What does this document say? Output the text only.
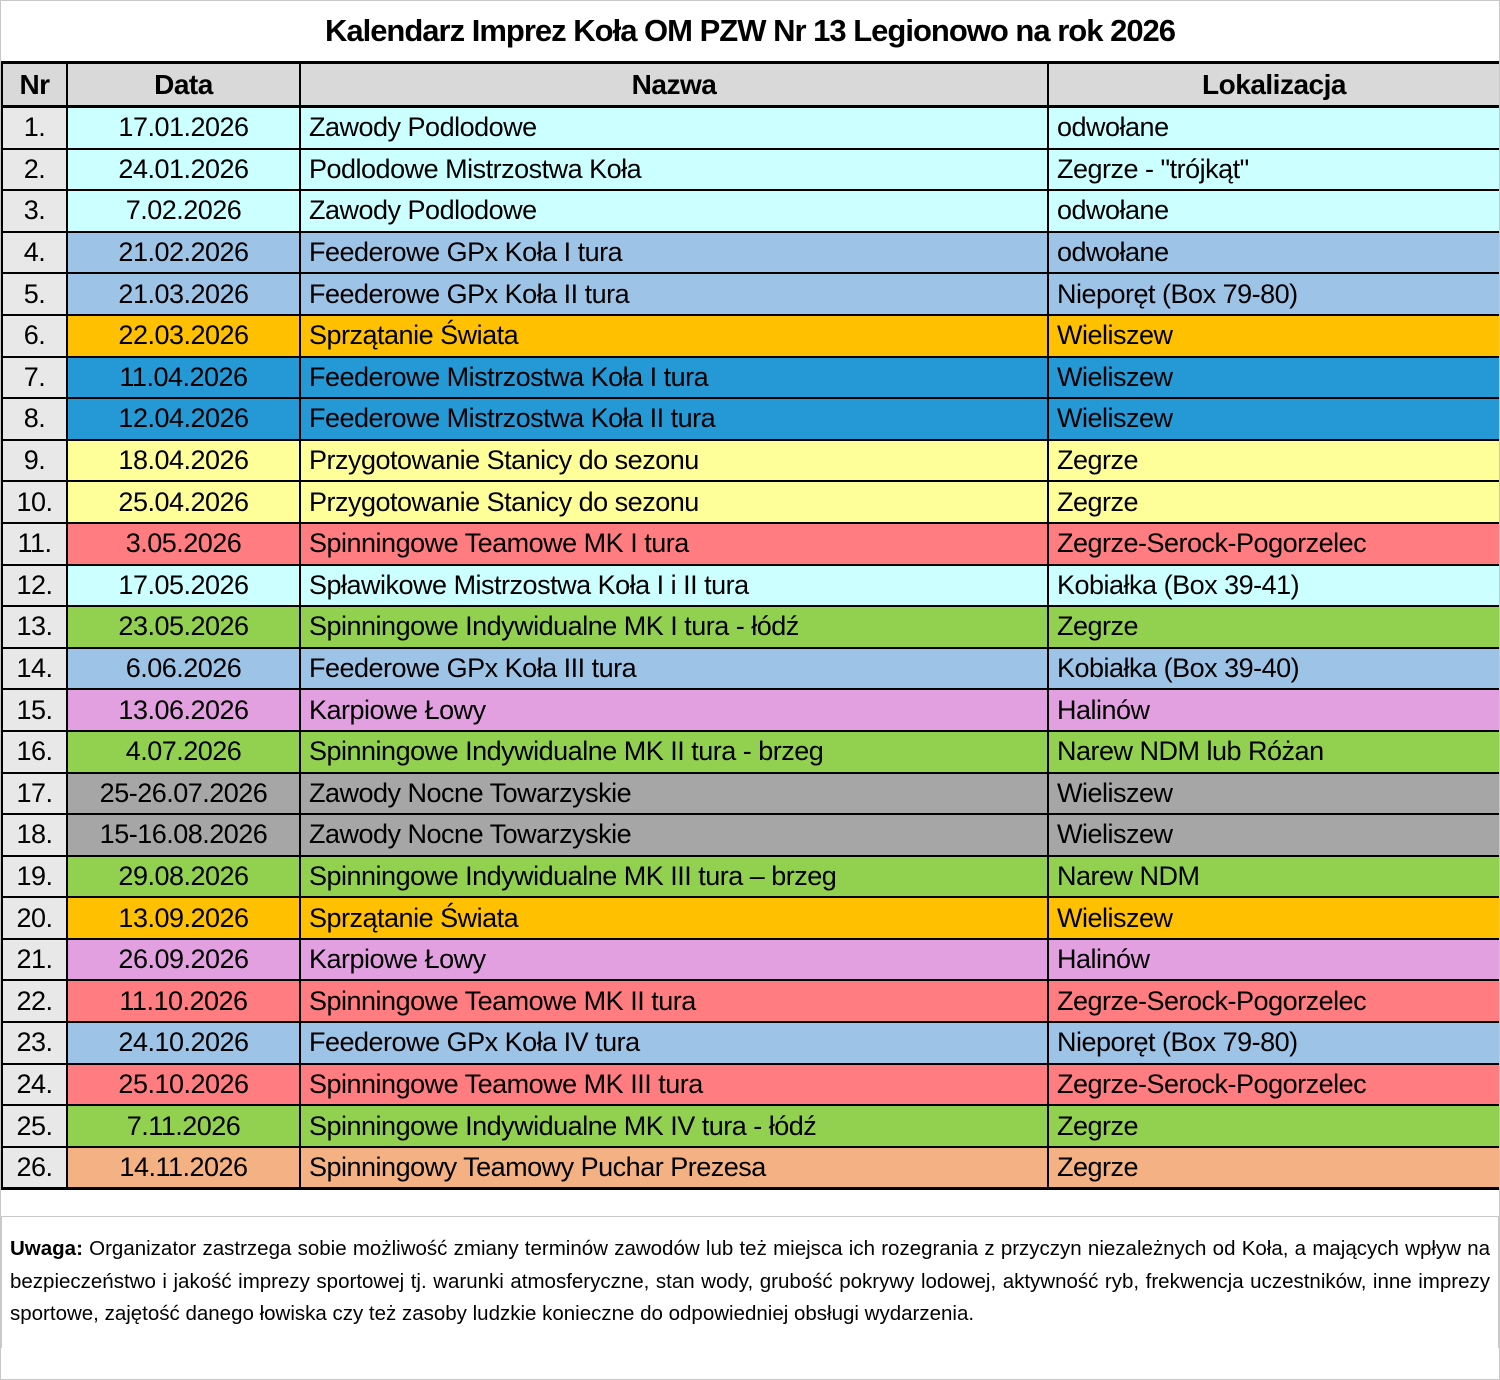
Kalendarz Imprez Koła OM PZW Nr 13 Legionowo na rok 2026
Nr	Data	Nazwa	Lokalizacja
1.	17.01.2026	Zawody Podlodowe	odwołane
2.	24.01.2026	Podlodowe Mistrzostwa Koła	Zegrze - "trójkąt"
3.	7.02.2026	Zawody Podlodowe	odwołane
4.	21.02.2026	Feederowe GPx Koła I tura	odwołane
5.	21.03.2026	Feederowe GPx Koła II tura	Nieporęt (Box 79-80)
6.	22.03.2026	Sprzątanie Świata	Wieliszew
7.	11.04.2026	Feederowe Mistrzostwa Koła I tura	Wieliszew
8.	12.04.2026	Feederowe Mistrzostwa Koła II tura	Wieliszew
9.	18.04.2026	Przygotowanie Stanicy do sezonu	Zegrze
10.	25.04.2026	Przygotowanie Stanicy do sezonu	Zegrze
11.	3.05.2026	Spinningowe Teamowe MK I tura	Zegrze-Serock-Pogorzelec
12.	17.05.2026	Spławikowe Mistrzostwa Koła I i II tura	Kobiałka (Box 39-41)
13.	23.05.2026	Spinningowe Indywidualne MK I tura - łódź	Zegrze
14.	6.06.2026	Feederowe GPx Koła III tura	Kobiałka (Box 39-40)
15.	13.06.2026	Karpiowe Łowy	Halinów
16.	4.07.2026	Spinningowe Indywidualne MK II tura - brzeg	Narew NDM lub Różan
17.	25-26.07.2026	Zawody Nocne Towarzyskie	Wieliszew
18.	15-16.08.2026	Zawody Nocne Towarzyskie	Wieliszew
19.	29.08.2026	Spinningowe Indywidualne MK III tura – brzeg	Narew NDM
20.	13.09.2026	Sprzątanie Świata	Wieliszew
21.	26.09.2026	Karpiowe Łowy	Halinów
22.	11.10.2026	Spinningowe Teamowe MK II tura	Zegrze-Serock-Pogorzelec
23.	24.10.2026	Feederowe GPx Koła IV tura	Nieporęt (Box 79-80)
24.	25.10.2026	Spinningowe Teamowe MK III tura	Zegrze-Serock-Pogorzelec
25.	7.11.2026	Spinningowe Indywidualne MK IV tura - łódź	Zegrze
26.	14.11.2026	Spinningowy Teamowy Puchar Prezesa	Zegrze
Uwaga: Organizator zastrzega sobie możliwość zmiany terminów zawodów lub też miejsca ich rozegrania z przyczyn niezależnych od Koła, a mających wpływ na bezpieczeństwo i jakość imprezy sportowej tj. warunki atmosferyczne, stan wody, grubość pokrywy lodowej, aktywność ryb, frekwencja uczestników, inne imprezy sportowe, zajętość danego łowiska czy też zasoby ludzkie konieczne do odpowiedniej obsługi wydarzenia.
